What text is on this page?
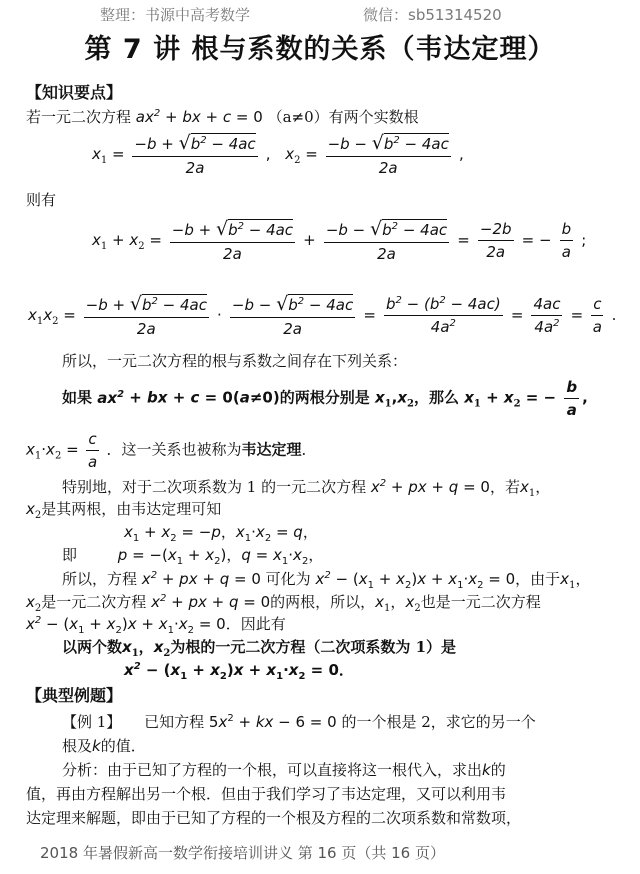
整理：书源中高考数学	微信：sb51314520
第 7 讲 根与系数的关系（韦达定理）
【知识要点】
若一元二次方程 $ax^2$ + bx + c = 0 （a≠0）有两个实数根
$x_1 = \frac{-b + √b^2 - 4ac}{2a}$ ,   $x_2 = \frac{-b - √b^2 - 4ac}{2a}$ ,
则有
$x_1 + x_2 = \frac{-b + √b^2 - 4ac}{2a} + \frac{-b - √b^2 - 4ac}{2a} = \frac{-2b}{2a}$ = − $\frac{b}{a}$ ;
$x_1x_2 = \frac{-b + √b^2 - 4ac}{2a} \cdot \frac{-b - √b^2 - 4ac}{2a} = \frac{b^2 - (b^2 - 4ac)}{4a^2} = \frac{4ac}{4a^2} = \frac{c}{a}$ .
所以，一元二次方程的根与系数之间存在下列关系：
如果 $ax^2$ + bx + c = 0(a≠0)的两根分别是 $x_1,x_2$，那么 $x_1 + x_2$ = − $\frac{b}{a}$ ,
$x_1\cdot x_2 = \frac{c}{a}$ ．这一关系也被称为韦达定理．
特别地，对于二次项系数为 1 的一元二次方程 $x^2$ + px + q = 0，若$x_1$，
$x_2$是其两根，由韦达定理可知
$x_1 + x_2 = -p$，$x_1\cdot x_2 = q$，
即	$p = -(x_1 + x_2)$，$q = x_1\cdot x_2$，
所以，方程 $x^2$ + px + q = 0 可化为 $x^2 - (x_1 + x_2)x + x_1\cdot x_2 = 0$，由于$x_1$，
$x_2$是一元二次方程 $x^2$ + px + q = 0的两根，所以，$x_1$，$x_2$也是一元二次方程
$x^2 - (x_1 + x_2)x + x_1\cdot x_2 = 0$．因此有
以两个数$x_1$，$x_2$为根的一元二次方程（二次项系数为 1）是
$x^2 - (x_1 + x_2)x + x_1\cdot x_2 = 0$．
【典型例题】
【例 1】 已知方程 $5x^2$ + kx − 6 = 0 的一个根是 2，求它的另一个
根及k的值．
分析：由于已知了方程的一个根，可以直接将这一根代入，求出k的
值，再由方程解出另一个根．但由于我们学习了韦达定理，又可以利用韦
达定理来解题，即由于已知了方程的一个根及方程的二次项系数和常数项，
2018 年暑假新高一数学衔接培训讲义 第 16 页（共 16 页）
